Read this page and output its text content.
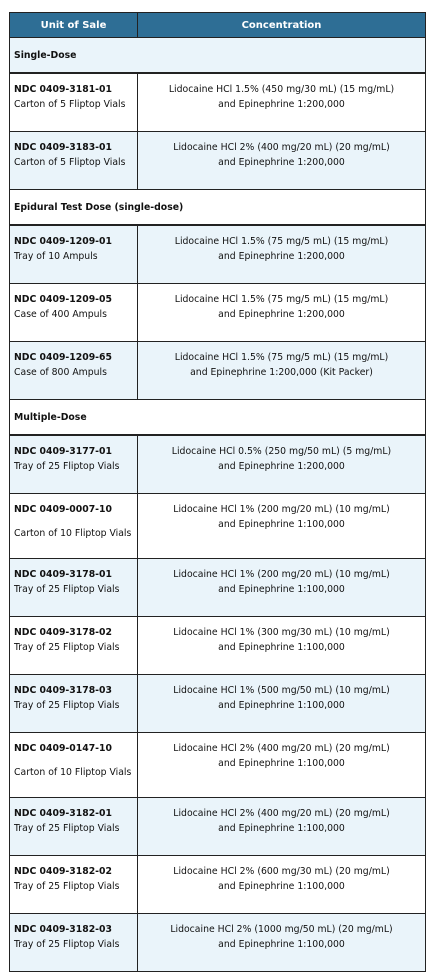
Unit of Sale	Concentration
Single-Dose	

NDC 0409-3181-01
Carton of 5 Fliptop Vials	Lidocaine HCl 1.5% (450 mg/30 mL) (15 mg/mL)
and Epinephrine 1:200,000

NDC 0409-3183-01
Carton of 5 Fliptop Vials	Lidocaine HCl 2% (400 mg/20 mL) (20 mg/mL)
and Epinephrine 1:200,000

Epidural Test Dose (single-dose)	

NDC 0409-1209-01
Tray of 10 Ampuls	Lidocaine HCl 1.5% (75 mg/5 mL) (15 mg/mL)
and Epinephrine 1:200,000

NDC 0409-1209-05
Case of 400 Ampuls	Lidocaine HCl 1.5% (75 mg/5 mL) (15 mg/mL)
and Epinephrine 1:200,000

NDC 0409-1209-65
Case of 800 Ampuls	Lidocaine HCl 1.5% (75 mg/5 mL) (15 mg/mL)
and Epinephrine 1:200,000 (Kit Packer)

Multiple-Dose	

NDC 0409-3177-01
Tray of 25 Fliptop Vials	Lidocaine HCl 0.5% (250 mg/50 mL) (5 mg/mL)
and Epinephrine 1:200,000

NDC 0409-0007-10
Carton of 10 Fliptop Vials	Lidocaine HCl 1% (200 mg/20 mL) (10 mg/mL)
and Epinephrine 1:100,000

NDC 0409-3178-01
Tray of 25 Fliptop Vials	Lidocaine HCl 1% (200 mg/20 mL) (10 mg/mL)
and Epinephrine 1:100,000

NDC 0409-3178-02
Tray of 25 Fliptop Vials	Lidocaine HCl 1% (300 mg/30 mL) (10 mg/mL)
and Epinephrine 1:100,000

NDC 0409-3178-03
Tray of 25 Fliptop Vials	Lidocaine HCl 1% (500 mg/50 mL) (10 mg/mL)
and Epinephrine 1:100,000

NDC 0409-0147-10
Carton of 10 Fliptop Vials	Lidocaine HCl 2% (400 mg/20 mL) (20 mg/mL)
and Epinephrine 1:100,000

NDC 0409-3182-01
Tray of 25 Fliptop Vials	Lidocaine HCl 2% (400 mg/20 mL) (20 mg/mL)
and Epinephrine 1:100,000

NDC 0409-3182-02
Tray of 25 Fliptop Vials	Lidocaine HCl 2% (600 mg/30 mL) (20 mg/mL)
and Epinephrine 1:100,000

NDC 0409-3182-03
Tray of 25 Fliptop Vials	Lidocaine HCl 2% (1000 mg/50 mL) (20 mg/mL)
and Epinephrine 1:100,000
